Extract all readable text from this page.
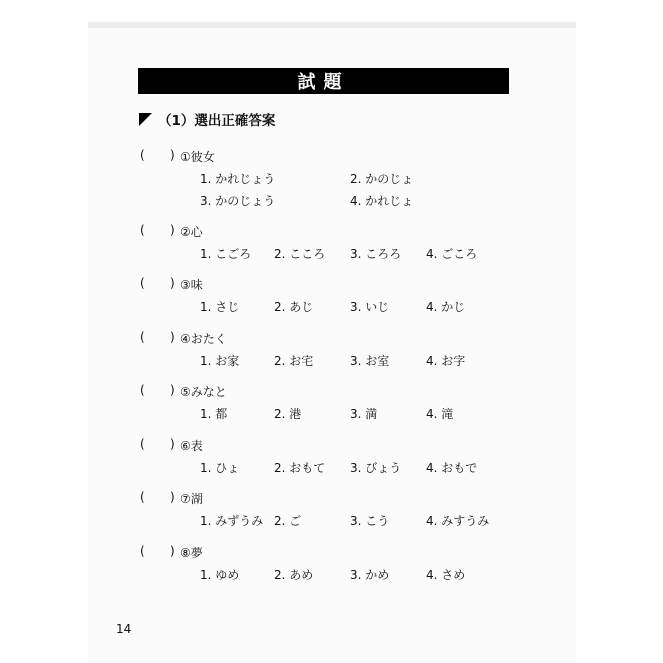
試題
（1）選出正確答案
( ) ①彼女
1. かれじょう	2. かのじょ
3. かのじょう	4. かれじょ
( ) ②心
1. こごろ 2. こころ 3. ころろ 4. ごころ
( ) ③味
1. さじ	2. あじ	3. いじ	4. かじ
( ) ④おたく
1. お家	2. お宅	3. お室	4. お字
( ) ⑤みなと
1. 都	2. 港	3. 満	4. 滝
( ) ⑥表
1. ひょ	2. おもて 3. びょう 4. おもで
( ) ⑦湖
1. みずうみ 2. ご	3. こう	4. みすうみ
( ) ⑧夢
1. ゆめ	2. あめ	3. かめ	4. さめ
14
